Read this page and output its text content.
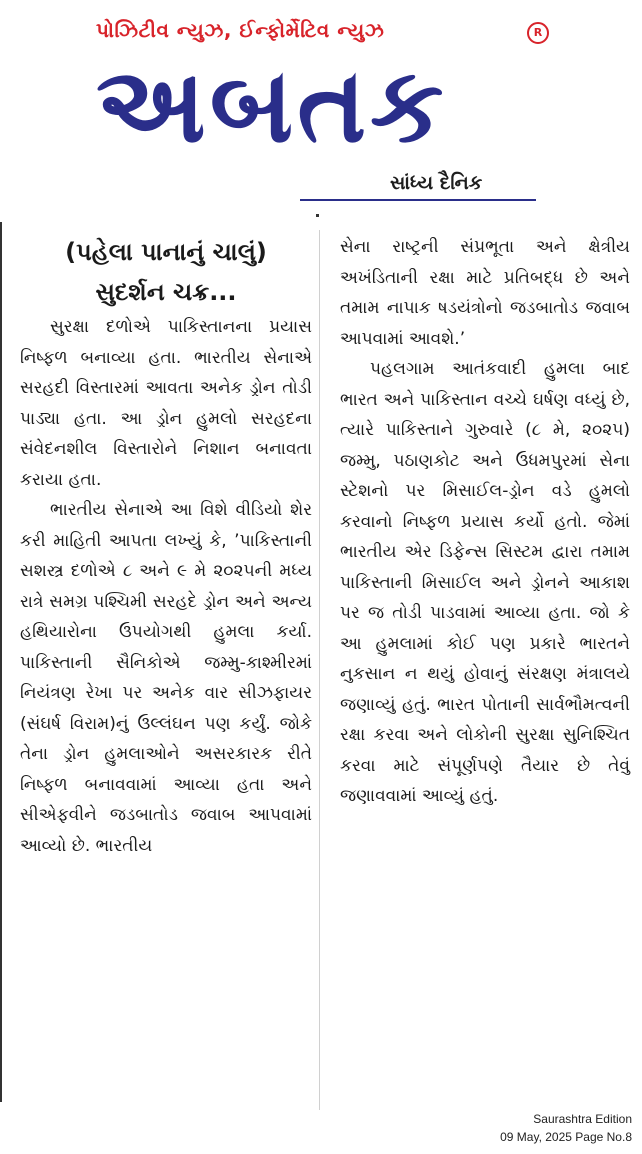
પોઝિટીવ ન્યુઝ, ઈન્ફોર્મેટિવ ન્યુઝ	R
અબતક
સાંધ્ય દૈનિક
(પહેલા પાનાનું ચાલું)
સુદર્શન ચક્ર...

સુરક્ષા દળોએ પાકિસ્તાનના પ્રયાસ નિષ્ફળ બનાવ્યા હતા. ભારતીય સેનાએ સરહદી વિસ્તારમાં આવતા અનેક ડ્રોન તોડી પાડ્યા હતા. આ ડ્રોન હુમલો સરહદના સંવેદનશીલ વિસ્તારોને નિશાન બનાવતા કરાયા હતા.

ભારતીય સેનાએ આ વિશે વીડિયો શેર કરી માહિતી આપતા લખ્યું કે, ’પાકિસ્તાની સશસ્ત્ર દળોએ ૮ અને ૯ મે ૨૦૨૫ની મધ્ય રાત્રે સમગ્ર પશ્ચિમી સરહદે ડ્રોન અને અન્ય હથિયારોના ઉપયોગથી હુમલા કર્યા. પાકિસ્તાની સૈનિકોએ જમ્મુ-કાશ્મીરમાં નિયંત્રણ રેખા પર અનેક વાર સીઝફાયર (સંઘર્ષ વિરામ)નું ઉલ્લંઘન પણ કર્યું. જોકે તેના ડ્રોન હુમલાઓને અસરકારક રીતે નિષ્ફળ બનાવવામાં આવ્યા હતા અને સીએફવીને જડબાતોડ જવાબ આપવામાં આવ્યો છે. ભારતીય

સેના રાષ્ટ્રની સંપ્રભૂતા અને ક્ષેત્રીય અખંડિતાની રક્ષા માટે પ્રતિબદ્ધ છે અને તમામ નાપાક ષડયંત્રોનો જડબાતોડ જવાબ આપવામાં આવશે.’

પહલગામ આતંકવાદી હુમલા બાદ ભારત અને પાકિસ્તાન વચ્ચે ઘર્ષણ વધ્યું છે, ત્યારે પાકિસ્તાને ગુરુવારે (૮ મે, ૨૦૨૫) જમ્મુ, પઠાણકોટ અને ઉધમપુરમાં સેના સ્ટેશનો પર મિસાઈલ-ડ્રોન વડે હુમલો કરવાનો નિષ્ફળ પ્રયાસ કર્યો હતો. જેમાં ભારતીય એર ડિફેન્સ સિસ્ટમ દ્વારા તમામ પાકિસ્તાની મિસાઈલ અને ડ્રોનને આકાશ પર જ તોડી પાડવામાં આવ્યા હતા. જો કે આ હુમલામાં કોઈ પણ પ્રકારે ભારતને નુકસાન ન થયું હોવાનું સંરક્ષણ મંત્રાલયે જણાવ્યું હતું. ભારત પોતાની સાર્વભૌમત્વની રક્ષા કરવા અને લોકોની સુરક્ષા સુનિશ્ચિત કરવા માટે સંપૂર્ણપણે તૈયાર છે તેવું જણાવવામાં આવ્યું હતું.

Saurashtra Edition
09 May, 2025 Page No.8
